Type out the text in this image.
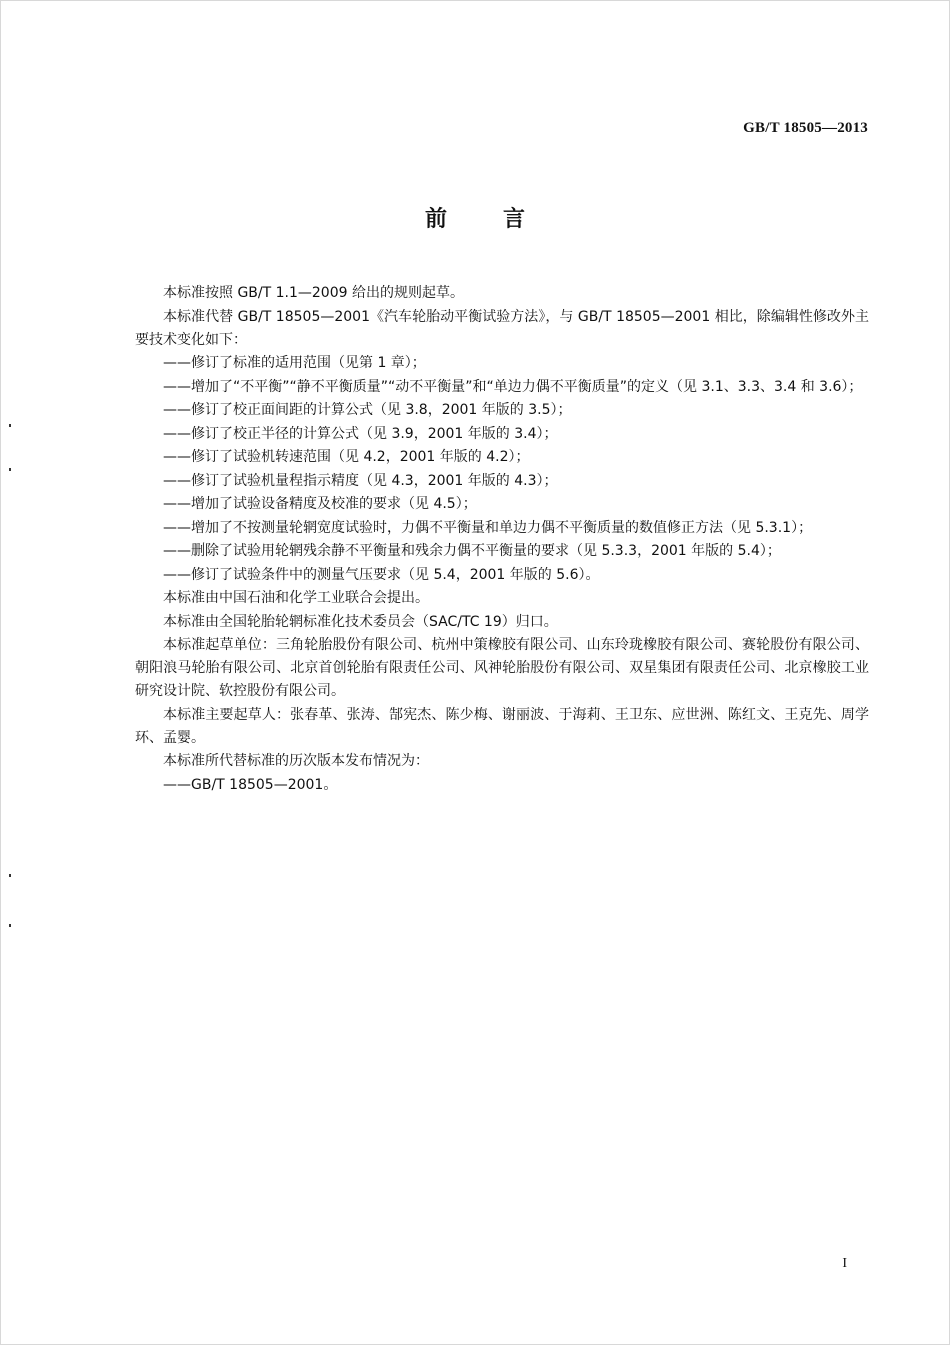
GB/T 18505—2013
前言

本标准按照 GB/T 1.1—2009 给出的规则起草。

本标准代替 GB/T 18505—2001《汽车轮胎动平衡试验方法》，与 GB/T 18505—2001 相比，除编辑性修改外主要技术变化如下：

——修订了标准的适用范围（见第 1 章）；

——增加了“不平衡”“静不平衡质量”“动不平衡量”和“单边力偶不平衡质量”的定义（见 3.1、3.3、3.4 和 3.6）；

——修订了校正面间距的计算公式（见 3.8，2001 年版的 3.5）；

——修订了校正半径的计算公式（见 3.9，2001 年版的 3.4）；

——修订了试验机转速范围（见 4.2，2001 年版的 4.2）；

——修订了试验机量程指示精度（见 4.3，2001 年版的 4.3）；

——增加了试验设备精度及校准的要求（见 4.5）；

——增加了不按测量轮辋宽度试验时，力偶不平衡量和单边力偶不平衡质量的数值修正方法（见 5.3.1）；

——删除了试验用轮辋残余静不平衡量和残余力偶不平衡量的要求（见 5.3.3，2001 年版的 5.4）；

——修订了试验条件中的测量气压要求（见 5.4，2001 年版的 5.6）。

本标准由中国石油和化学工业联合会提出。

本标准由全国轮胎轮辋标准化技术委员会（SAC/TC 19）归口。

本标准起草单位：三角轮胎股份有限公司、杭州中策橡胶有限公司、山东玲珑橡胶有限公司、赛轮股份有限公司、朝阳浪马轮胎有限公司、北京首创轮胎有限责任公司、风神轮胎股份有限公司、双星集团有限责任公司、北京橡胶工业研究设计院、软控股份有限公司。

本标准主要起草人：张春革、张涛、郜宪杰、陈少梅、谢丽波、于海莉、王卫东、应世洲、陈红文、王克先、周学环、孟婴。

本标准所代替标准的历次版本发布情况为：

——GB/T 18505—2001。

I
